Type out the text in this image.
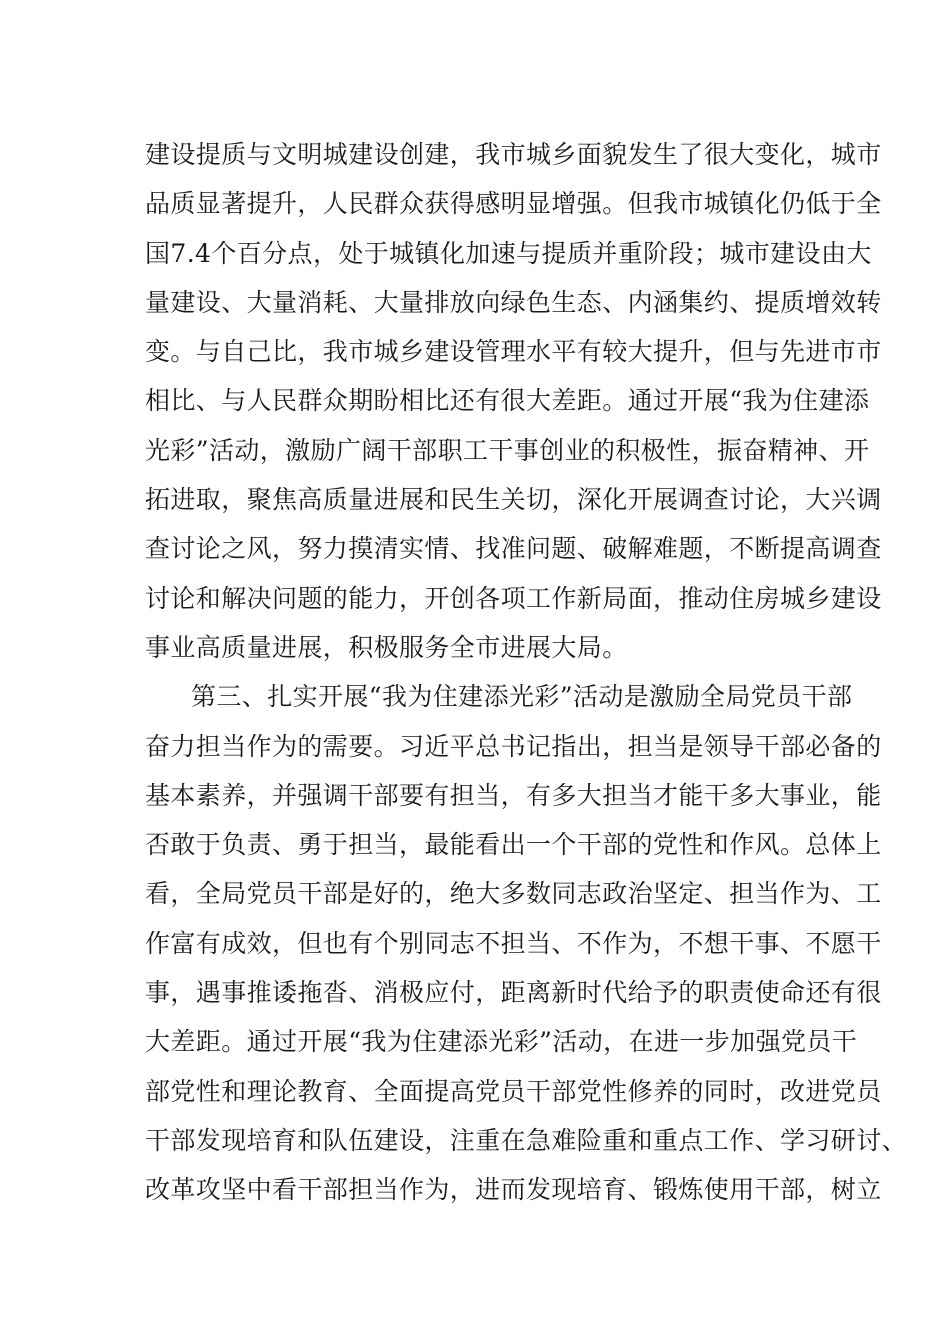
建设提质与文明城建设创建，我市城乡面貌发生了很大变化，城市
品质显著提升，人民群众获得感明显增强。但我市城镇化仍低于全
国7.4个百分点，处于城镇化加速与提质并重阶段；城市建设由大
量建设、大量消耗、大量排放向绿色生态、内涵集约、提质增效转
变。与自己比，我市城乡建设管理水平有较大提升，但与先进市市
相比、与人民群众期盼相比还有很大差距。通过开展“我为住建添
光彩”活动，激励广阔干部职工干事创业的积极性，振奋精神、开
拓进取，聚焦高质量进展和民生关切，深化开展调查讨论，大兴调
查讨论之风，努力摸清实情、找准问题、破解难题，不断提高调查
讨论和解决问题的能力，开创各项工作新局面，推动住房城乡建设
事业高质量进展，积极服务全市进展大局。
第三、扎实开展“我为住建添光彩”活动是激励全局党员干部
奋力担当作为的需要。习近平总书记指出，担当是领导干部必备的
基本素养，并强调干部要有担当，有多大担当才能干多大事业，能
否敢于负责、勇于担当，最能看出一个干部的党性和作风。总体上
看，全局党员干部是好的，绝大多数同志政治坚定、担当作为、工
作富有成效，但也有个别同志不担当、不作为，不想干事、不愿干
事，遇事推诿拖沓、消极应付，距离新时代给予的职责使命还有很
大差距。通过开展“我为住建添光彩”活动，在进一步加强党员干
部党性和理论教育、全面提高党员干部党性修养的同时，改进党员
干部发现培育和队伍建设，注重在急难险重和重点工作、学习研讨、
改革攻坚中看干部担当作为，进而发现培育、锻炼使用干部，树立
